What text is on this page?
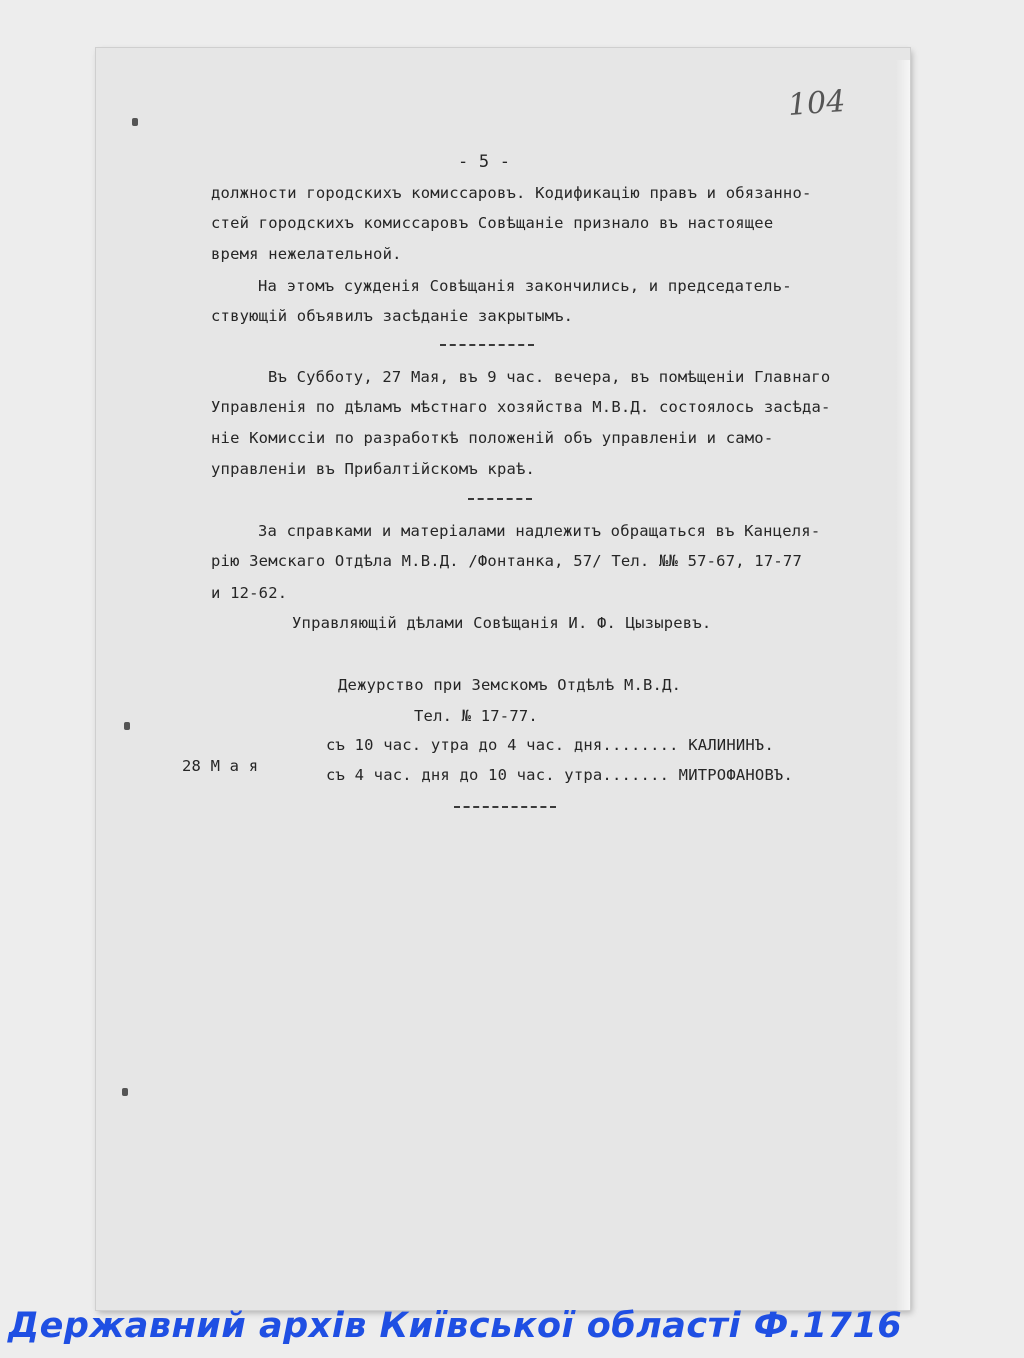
104
- 5 -
должности городскихъ комиссаровъ. Кодификацію правъ и обязанно-
стей городскихъ комиссаровъ Совѣщаніе признало въ настоящее
время нежелательной.
На этомъ сужденія Совѣщанія закончились, и председатель-
ствующій объявилъ засѣданіе закрытымъ.
Въ Субботу, 27 Мая, въ 9 час. вечера, въ помѣщеніи Главнаго
Управленія по дѣламъ мѣстнаго хозяйства М.В.Д. состоялось засѣда-
ніе Комиссіи по разработкѣ положеній объ управленіи и само-
управленіи въ Прибалтійскомъ краѣ.
За справками и матеріалами надлежитъ обращаться въ Канцеля-
рію Земскаго Отдѣла М.В.Д. /Фонтанка, 57/ Тел. №№ 57-67, 17-77
и 12-62.
Управляющій дѣлами Совѣщанія И. Ф. Цызыревъ.
Дежурство при Земскомъ Отдѣлѣ М.В.Д.
Тел. № 17-77.
съ 10 час. утра до 4 час. дня........ КАЛИНИНЪ.
28 М а я	съ 4 час. дня до 10 час. утра....... МИТРОФАНОВЪ.
Державний архів Київської області Ф.1716
